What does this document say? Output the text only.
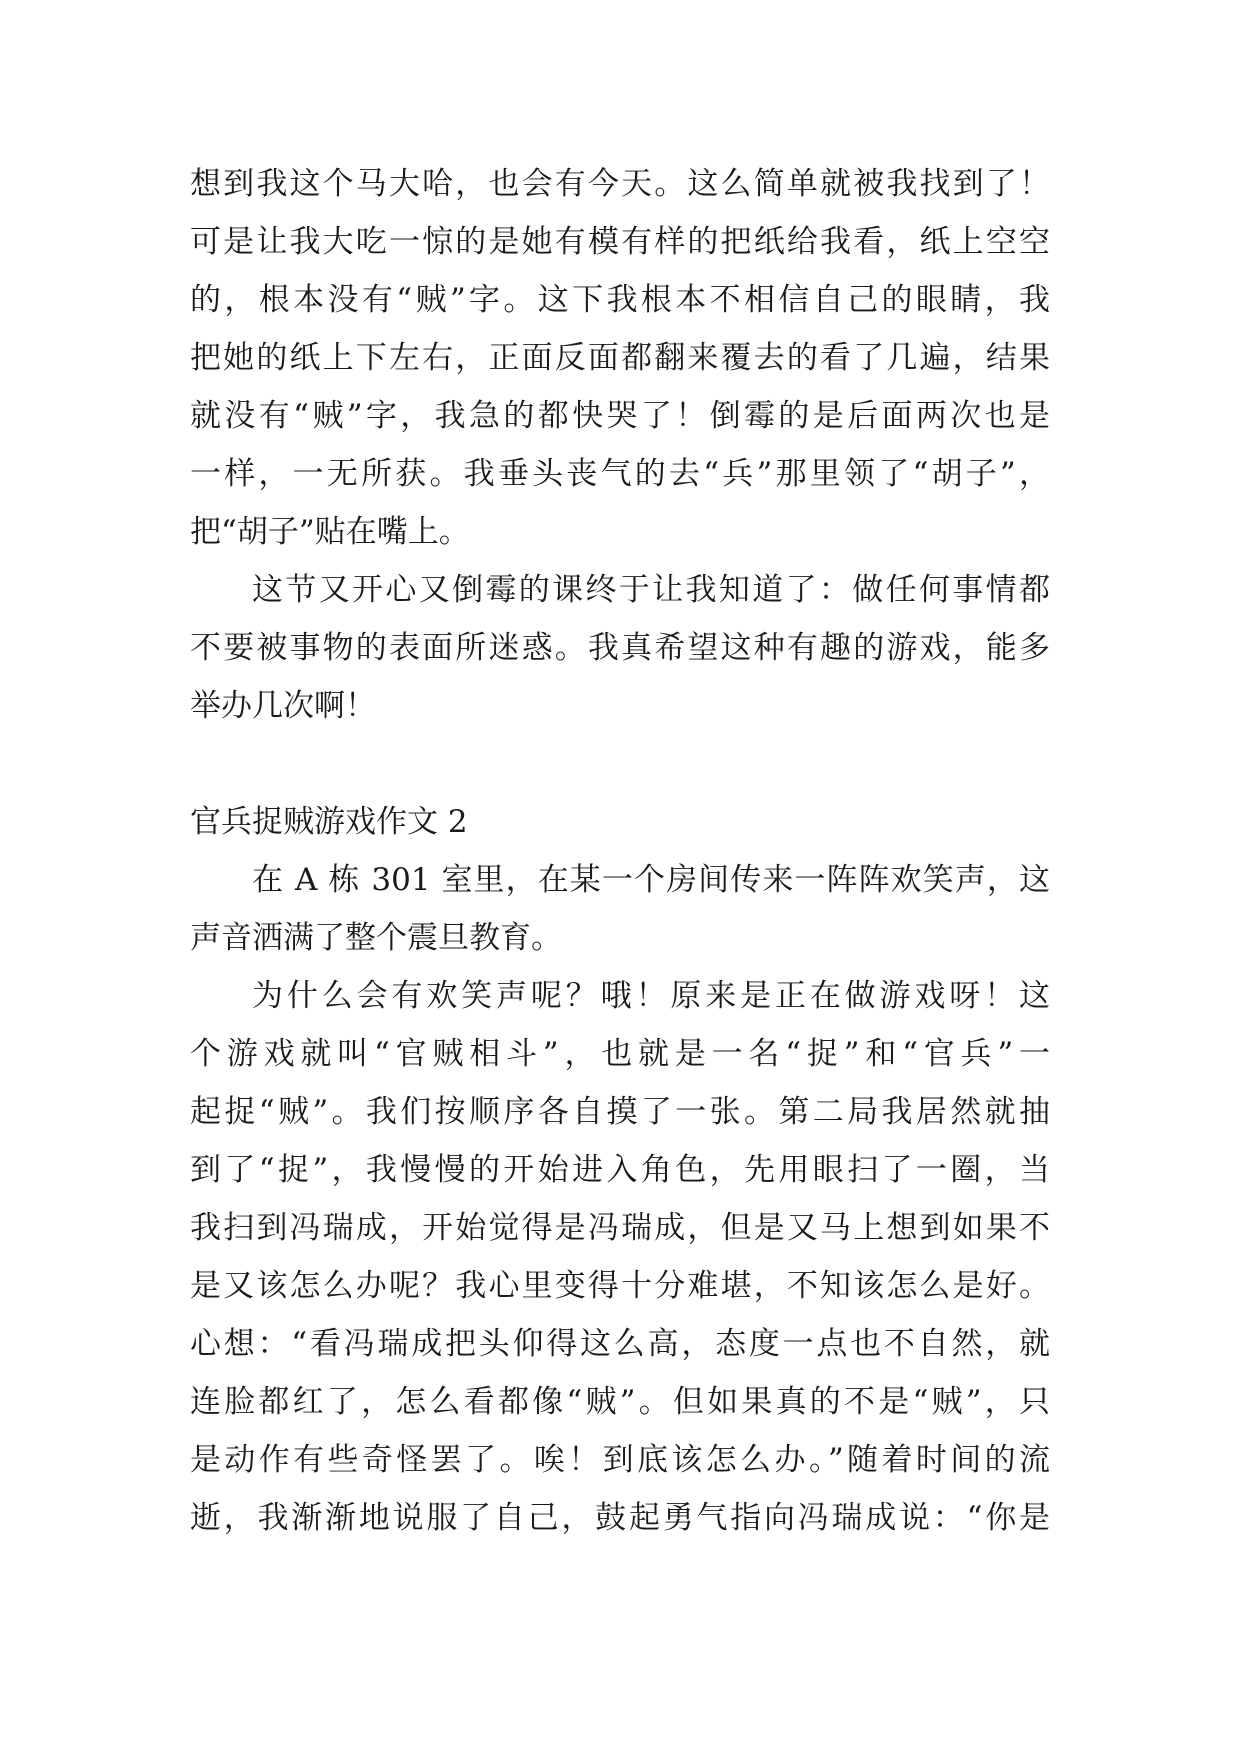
想到我这个马大哈，也会有今天。这么简单就被我找到了！
可是让我大吃一惊的是她有模有样的把纸给我看，纸上空空
的，根本没有“贼”字。这下我根本不相信自己的眼睛，我
把她的纸上下左右，正面反面都翻来覆去的看了几遍，结果
就没有“贼”字，我急的都快哭了！倒霉的是后面两次也是
一样，一无所获。我垂头丧气的去“兵”那里领了“胡子”，
把“胡子”贴在嘴上。
这节又开心又倒霉的课终于让我知道了：做任何事情都
不要被事物的表面所迷惑。我真希望这种有趣的游戏，能多
举办几次啊！
官兵捉贼游戏作文 2
在 A 栋 301 室里，在某一个房间传来一阵阵欢笑声，这
声音洒满了整个震旦教育。
为什么会有欢笑声呢？哦！原来是正在做游戏呀！这
个游戏就叫“官贼相斗”，也就是一名“捉”和“官兵”一
起捉“贼”。我们按顺序各自摸了一张。第二局我居然就抽
到了“捉”，我慢慢的开始进入角色，先用眼扫了一圈，当
我扫到冯瑞成，开始觉得是冯瑞成，但是又马上想到如果不
是又该怎么办呢？我心里变得十分难堪，不知该怎么是好。
心想：“看冯瑞成把头仰得这么高，态度一点也不自然，就
连脸都红了，怎么看都像“贼”。但如果真的不是“贼”，只
是动作有些奇怪罢了。唉！到底该怎么办。”随着时间的流
逝，我渐渐地说服了自己，鼓起勇气指向冯瑞成说：“你是
